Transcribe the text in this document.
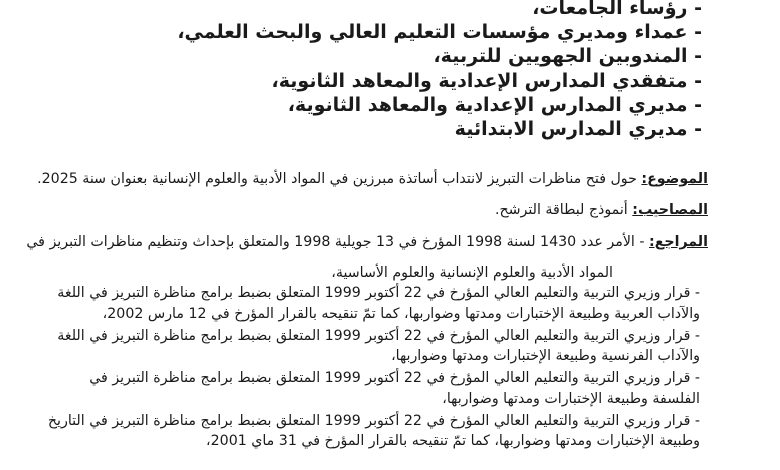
- رؤساء الجامعات،
- عمداء ومديري مؤسسات التعليم العالي والبحث العلمي،
- المندوبين الجهويين للتربية،
- متفقدي المدارس الإعدادية والمعاهد الثانوية،
- مديري المدارس الإعدادية والمعاهد الثانوية،
- مديري المدارس الابتدائية
الموضوع: حول فتح مناظرات التبريز لانتداب أساتذة مبرزين في المواد الأدبية والعلوم الإنسانية بعنوان سنة 2025.
المصاحيب: أنموذج لبطاقة الترشح.
المراجع: - الأمر عدد 1430 لسنة 1998 المؤرخ في 13 جويلية 1998 والمتعلق بإحداث وتنظيم مناظرات التبريز في
المواد الأدبية والعلوم الإنسانية والعلوم الأساسية،
- قرار وزيري التربية والتعليم العالي المؤرخ في 22 أكتوبر 1999 المتعلق بضبط برامج مناظرة التبريز في اللغة
والآداب العربية وطبيعة الإختبارات ومدتها وضواربها، كما تمّ تنقيحه بالقرار المؤرخ في 12 مارس 2002،
- قرار وزيري التربية والتعليم العالي المؤرخ في 22 أكتوبر 1999 المتعلق بضبط برامج مناظرة التبريز في اللغة
والآداب الفرنسية وطبيعة الإختبارات ومدتها وضواربها،
- قرار وزيري التربية والتعليم العالي المؤرخ في 22 أكتوبر 1999 المتعلق بضبط برامج مناظرة التبريز في
الفلسفة وطبيعة الإختبارات ومدتها وضواربها،
- قرار وزيري التربية والتعليم العالي المؤرخ في 22 أكتوبر 1999 المتعلق بضبط برامج مناظرة التبريز في التاريخ
وطبيعة الإختبارات ومدتها وضواربها، كما تمّ تنقيحه بالقرار المؤرخ في 31 ماي 2001،
